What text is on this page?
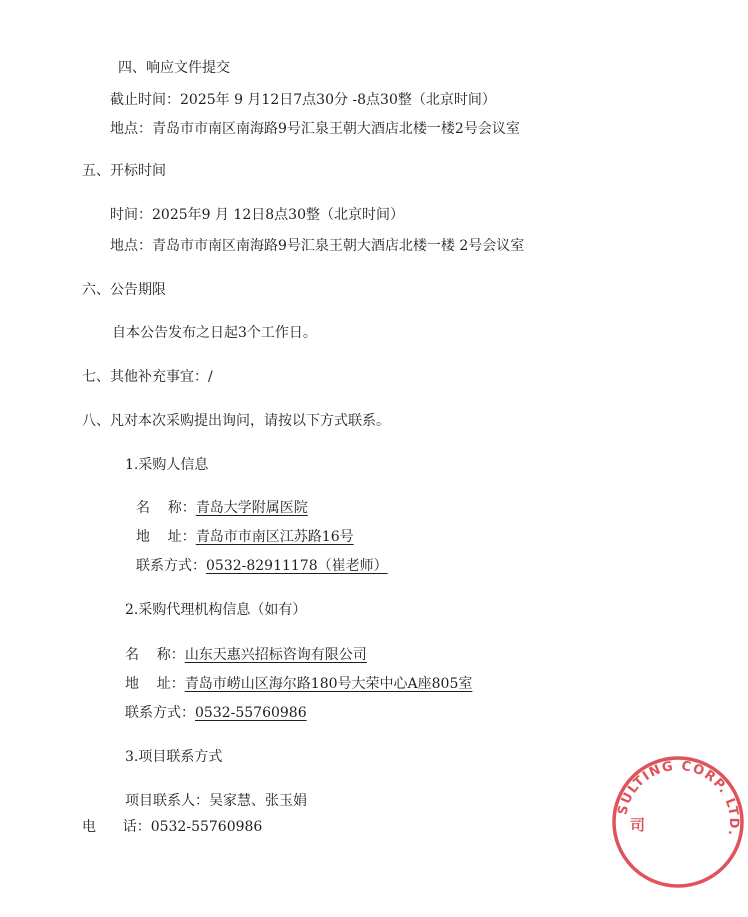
四、响应文件提交
截止时间：2025年 9 月12日7点30分 -8点30整（北京时间）
地点：青岛市市南区南海路9号汇泉王朝大酒店北楼一楼2号会议室
五、开标时间
时间：2025年9 月 12日8点30整（北京时间）
地点：青岛市市南区南海路9号汇泉王朝大酒店北楼一楼 2号会议室
六、公告期限
自本公告发布之日起3个工作日。
七、其他补充事宜：/
八、凡对本次采购提出询问，请按以下方式联系。
1.采购人信息
名    称：青岛大学附属医院
地    址：青岛市市南区江苏路16号
联系方式：0532-82911178（崔老师）
2.采购代理机构信息（如有）
名    称：山东天惠兴招标咨询有限公司
地    址：青岛市崂山区海尔路180号大荣中心A座805室
联系方式：0532-55760986
3.项目联系方式
项目联系人：吴家慧、张玉娟
电      话：0532-55760986
SULTING CORP. LTD.
司
